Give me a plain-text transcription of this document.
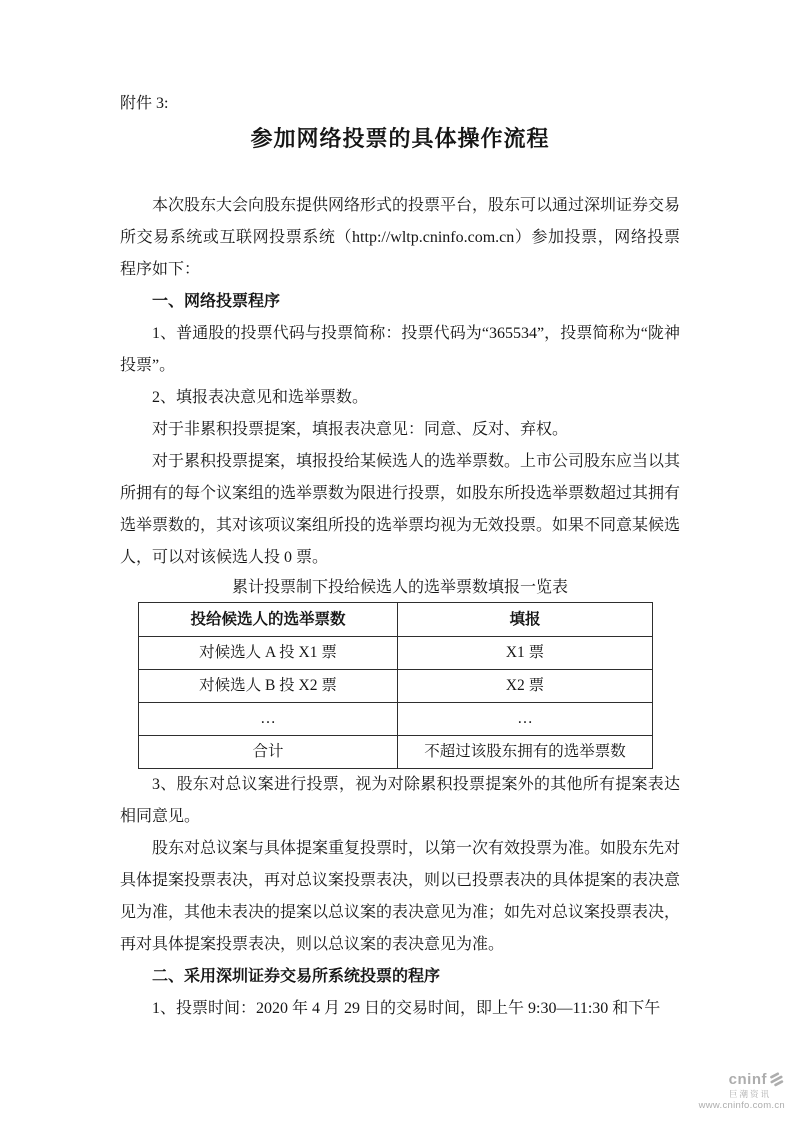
附件 3:
参加网络投票的具体操作流程

本次股东大会向股东提供网络形式的投票平台，股东可以通过深圳证券交易所交易系统或互联网投票系统（http://wltp.cninfo.com.cn）参加投票，网络投票程序如下：

一、网络投票程序

1、普通股的投票代码与投票简称：投票代码为“365534”，投票简称为“陇神投票”。

2、填报表决意见和选举票数。

对于非累积投票提案，填报表决意见：同意、反对、弃权。

对于累积投票提案，填报投给某候选人的选举票数。上市公司股东应当以其所拥有的每个议案组的选举票数为限进行投票，如股东所投选举票数超过其拥有选举票数的，其对该项议案组所投的选举票均视为无效投票。如果不同意某候选人，可以对该候选人投 0 票。

累计投票制下投给候选人的选举票数填报一览表
投给候选人的选举票数	填报
对候选人 A 投 X1 票	X1 票
对候选人 B 投 X2 票	X2 票
…	…
合计	不超过该股东拥有的选举票数

3、股东对总议案进行投票，视为对除累积投票提案外的其他所有提案表达相同意见。

股东对总议案与具体提案重复投票时，以第一次有效投票为准。如股东先对具体提案投票表决，再对总议案投票表决，则以已投票表决的具体提案的表决意见为准，其他未表决的提案以总议案的表决意见为准；如先对总议案投票表决，再对具体提案投票表决，则以总议案的表决意见为准。

二、采用深圳证券交易所系统投票的程序

1、投票时间：2020 年 4 月 29 日的交易时间，即上午 9:30—11:30 和下午

cninf
巨潮资讯
www.cninfo.com.cn
